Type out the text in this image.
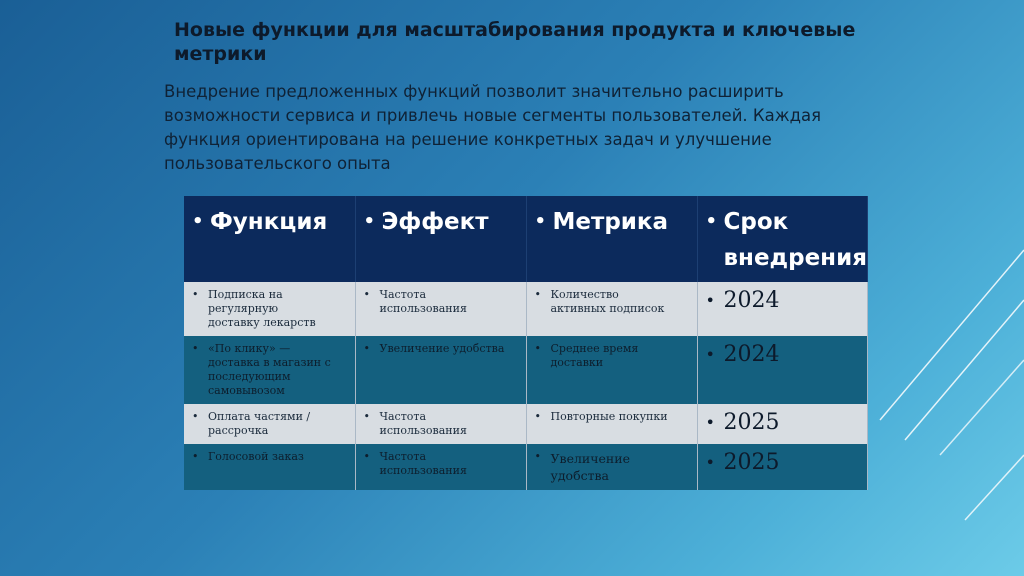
Новые функции для масштабирования продукта и ключевые метрики
Внедрение предложенных функций позволит значительно расширить возможности сервиса и привлечь новые сегменты пользователей. Каждая функция ориентирована на решение конкретных задач и улучшение пользовательского опыта
• Функция	• Эффект	• Метрика	• Срок внедрения
• Подписка на регулярную доставку лекарств	• Частота использования	• Количество активных подписок	• 2024
• «По клику» — доставка в магазин с последующим самовывозом	• Увеличение удобства	• Среднее время доставки	• 2024
• Оплата частями / рассрочка	• Частота использования	• Повторные покупки	• 2025
• Голосовой заказ	• Частота использования	• Увеличение удобства	• 2025
